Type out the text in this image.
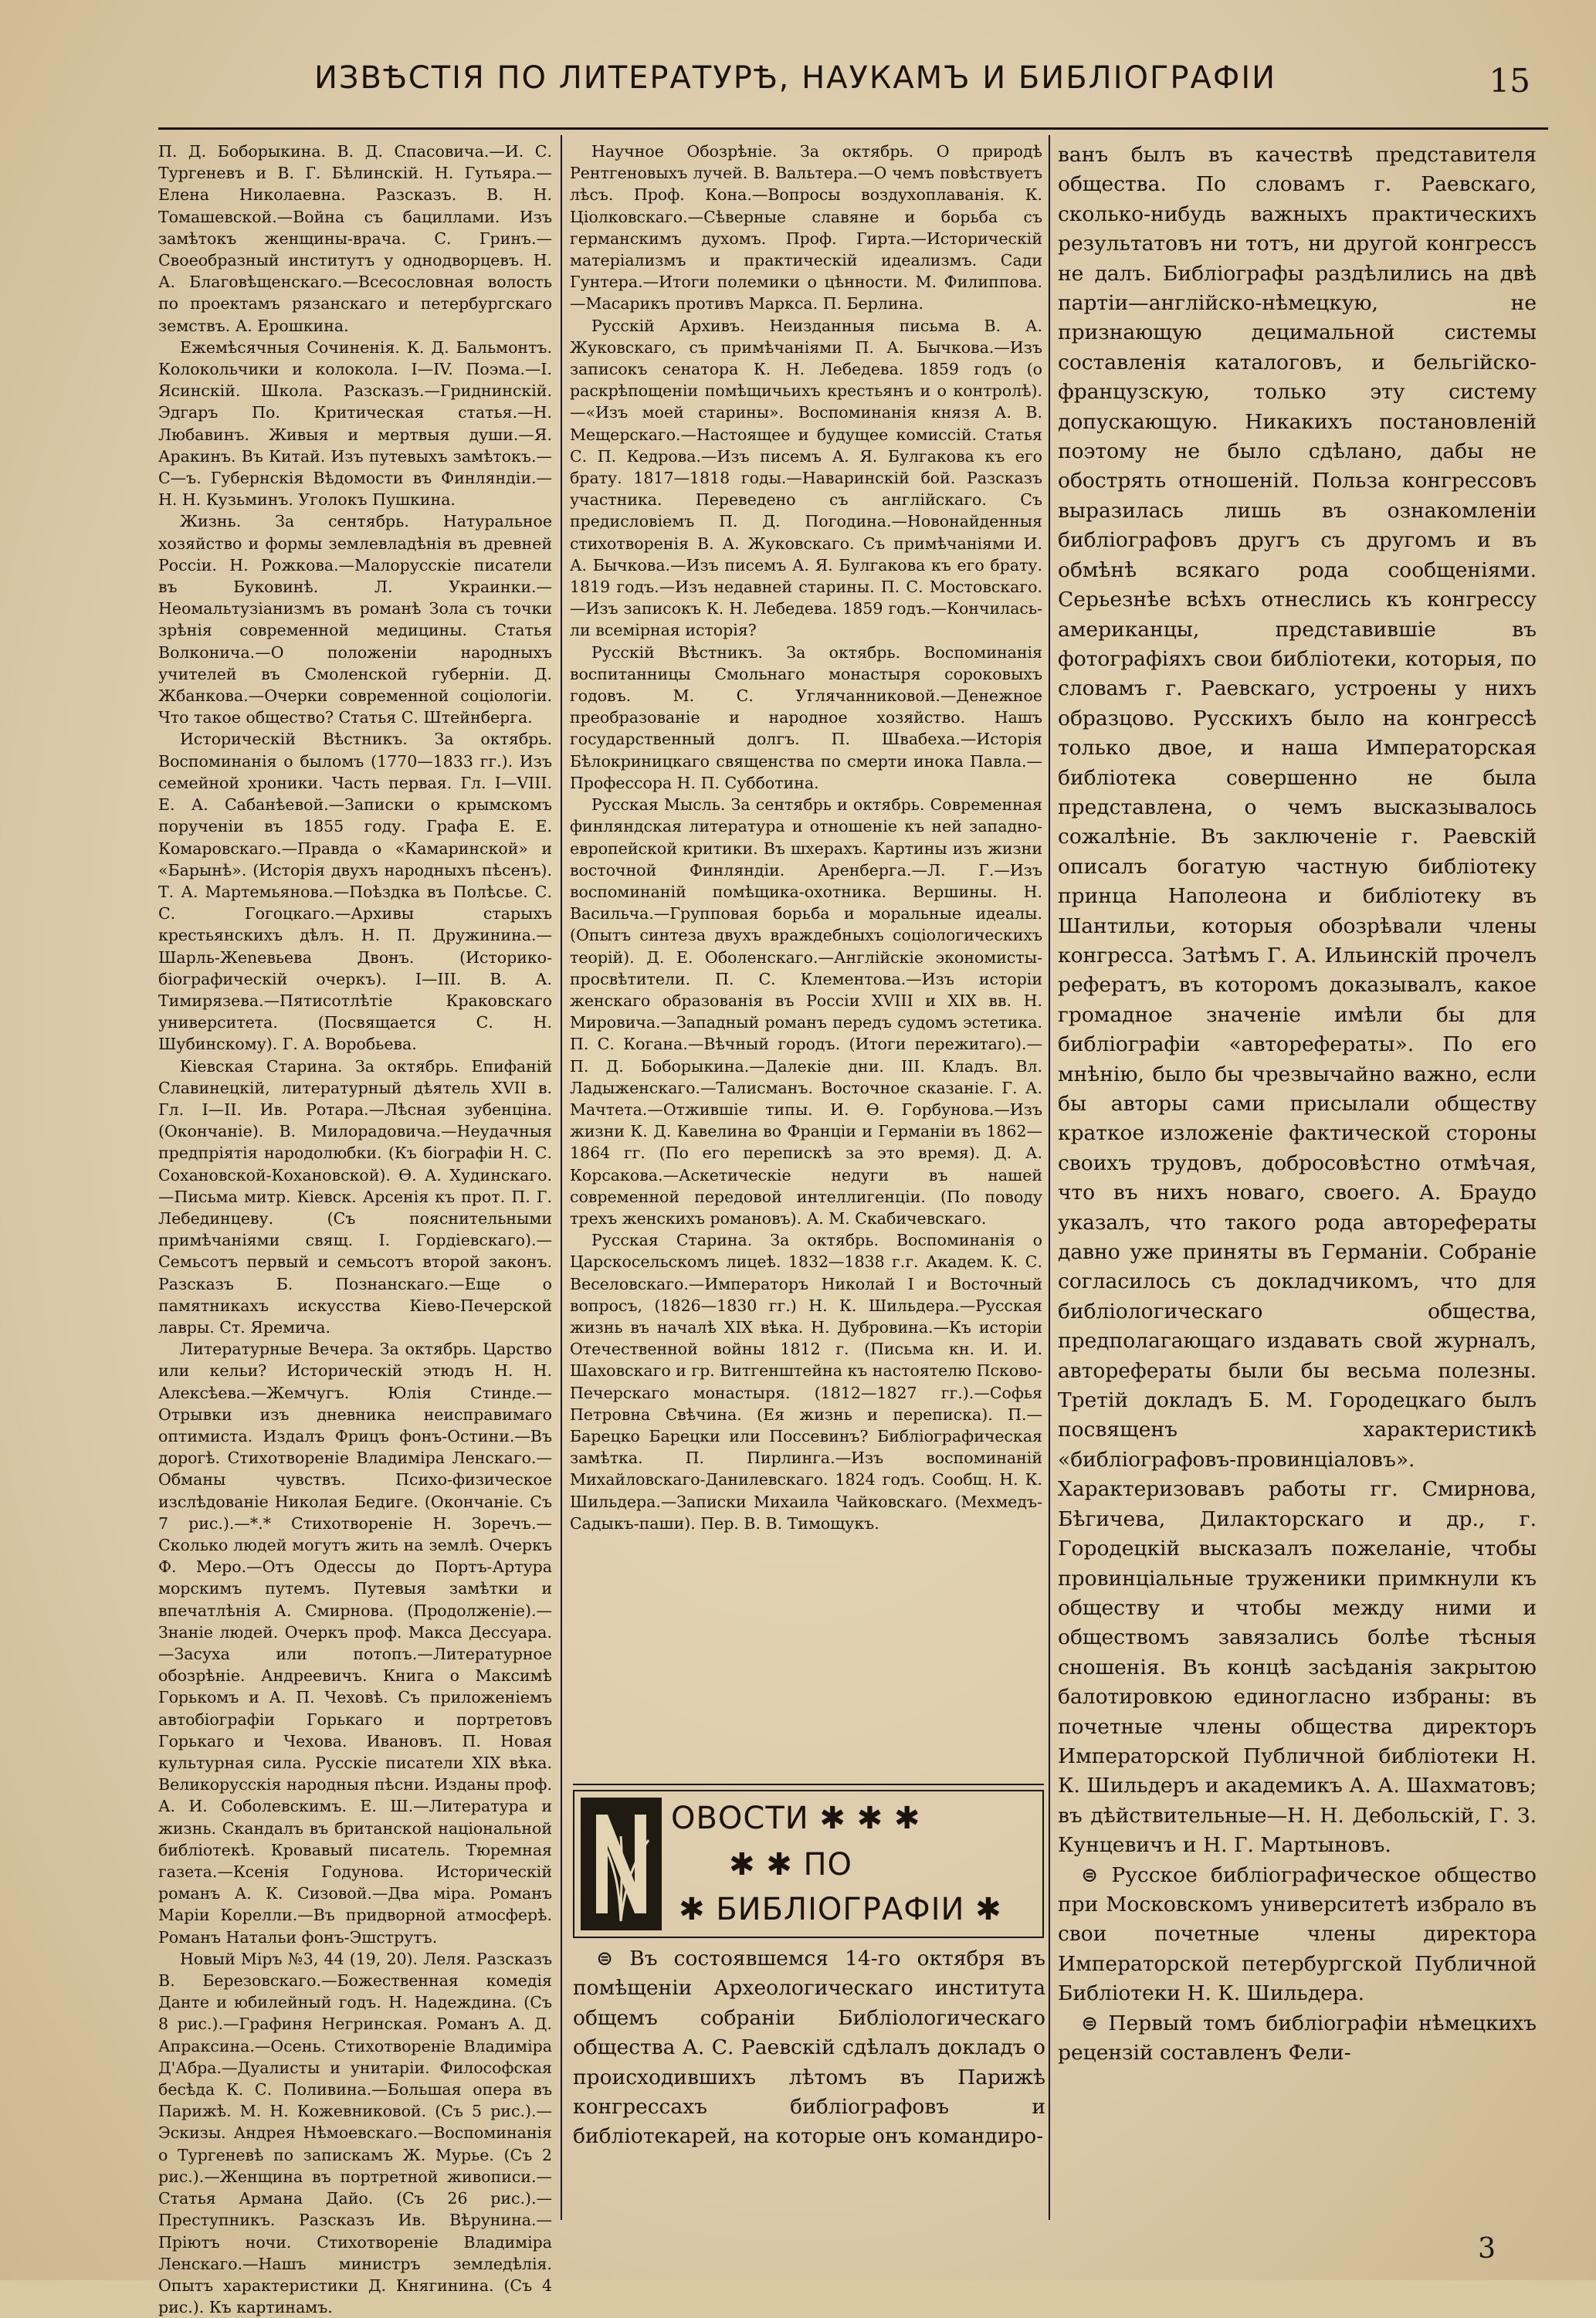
ИЗВѢСТІЯ ПО ЛИТЕРАТУРѢ, НАУКАМЪ И БИБЛІОГРАФІИ	15

П. Д. Боборыкина. В. Д. Спасовича.—И. С. Тургеневъ и В. Г. Бѣлинскій. Н. Гутьяра.—Елена Николаевна. Разсказъ. В. Н. Томашевской.—Война съ бациллами. Изъ замѣтокъ женщины-врача. С. Гринъ.—Своеобразный институтъ у однодворцевъ. Н. А. Благовѣщенскаго.—Всесословная волость по проектамъ рязанскаго и петербургскаго земствъ. А. Ерошкина.

Ежемѣсячныя Сочиненія. К. Д. Бальмонтъ. Колокольчики и колокола. I—IV. Поэма.—I. Ясинскій. Школа. Разсказъ.—Гриднинскій. Эдгаръ По. Критическая статья.—Н. Любавинъ. Живыя и мертвыя души.—Я. Аракинъ. Въ Китай. Изъ путевыхъ замѣтокъ.—С—ъ. Губернскія Вѣдомости въ Финляндіи.—Н. Н. Кузьминъ. Уголокъ Пушкина.

Жизнь. За сентябрь. Натуральное хозяйство и формы землевладѣнія въ древней Россіи. Н. Рожкова.—Малорусскіе писатели въ Буковинѣ. Л. Украинки.—Неомальтузіанизмъ въ романѣ Зола съ точки зрѣнія современной медицины. Статья Волконича.—О положеніи народныхъ учителей въ Смоленской губерніи. Д. Жбанкова.—Очерки современной соціологіи. Что такое общество? Статья С. Штейнберга.

Историческій Вѣстникъ. За октябрь. Воспоминанія о быломъ (1770—1833 гг.). Изъ семейной хроники. Часть первая. Гл. I—VIII. Е. А. Сабанѣевой.—Записки о крымскомъ порученіи въ 1855 году. Графа Е. Е. Комаровскаго.—Правда о «Камаринской» и «Барынѣ». (Исторія двухъ народныхъ пѣсенъ). Т. А. Мартемьянова.—Поѣздка въ Полѣсье. С. С. Гогоцкаго.—Архивы старыхъ крестьянскихъ дѣлъ. Н. П. Дружинина.—Шарль-Жеnевьева Двонъ. (Историко-біографическій очеркъ). I—III. В. А. Тимирязева.—Пятисотлѣтіе Краковскаго университета. (Посвящается С. Н. Шубинскому). Г. А. Воробьева.

Кіевская Старина. За октябрь. Епифаній Славинецкій, литературный дѣятель XVII в. Гл. I—II. Ив. Ротара.—Лѣсная зубенціна. (Окончаніе). В. Милорадовича.—Неудачныя предпріятія народолюбки. (Къ біографіи Н. С. Сохановской-Кохановской). Ѳ. А. Худинскаго.—Письма митр. Кіевск. Арсенія къ прот. П. Г. Лебединцеву. (Съ пояснительными примѣчаніями свящ. І. Гордіевскаго).—Семьсотъ первый и семьсотъ второй законъ. Разсказъ Б. Познанскаго.—Еще о памятникахъ искусства Кіево-Печерской лавры. Ст. Яремича.

Литературные Вечера. За октябрь. Царство или кельи? Историческій этюдъ Н. Н. Алексѣева.—Жемчугъ. Юлія Стинде.—Отрывки изъ дневника неисправимаго оптимиста. Издалъ Фрицъ фонъ-Остини.—Въ дорогѣ. Стихотвореніе Владиміра Ленскаго.—Обманы чувствъ. Психо-физическое изслѣдованіе Николая Бедиге. (Окончаніе. Съ 7 рис.).—*.* Стихотвореніе Н. Зоречъ.—Сколько людей могутъ жить на землѣ. Очеркъ Ф. Меро.—Отъ Одессы до Портъ-Артура морскимъ путемъ. Путевыя замѣтки и впечатлѣнія А. Смирнова. (Продолженіе).—Знаніе людей. Очеркъ проф. Макса Дессуара.—Засуха или потопъ.—Литературное обозрѣніе. Андреевичъ. Книга о Максимѣ Горькомъ и А. П. Чеховѣ. Съ приложеніемъ автобіографіи Горькаго и портретовъ Горькаго и Чехова. Ивановъ. П. Новая культурная сила. Русскіе писатели XIX вѣка. Великорусскія народныя пѣсни. Изданы проф. А. И. Соболевскимъ. Е. Ш.—Литература и жизнь. Скандалъ въ британской національной библіотекѣ. Кровавый писатель. Тюремная газета.—Ксенія Годунова. Историческій романъ А. К. Сизовой.—Два міра. Романъ Маріи Корелли.—Въ придворной атмосферѣ. Романъ Натальи фонъ-Эшструтъ.

Новый Міръ №3, 44 (19, 20). Леля. Разсказъ В. Березовскаго.—Божественная комедія Данте и юбилейный годъ. Н. Надеждина. (Съ 8 рис.).—Графиня Негринская. Романъ А. Д. Апраксина.—Осень. Стихотвореніе Владиміра Д'Абра.—Дуалисты и унитаріи. Философская бесѣда К. С. Поливина.—Большая опера въ Парижѣ. М. Н. Кожевниковой. (Съ 5 рис.).—Эскизы. Андрея Нѣмоевскаго.—Воспоминанія о Тургеневѣ по запискамъ Ж. Мурье. (Съ 2 рис.).—Женщина въ портретной живописи.—Статья Армана Дайо. (Съ 26 рис.).—Преступникъ. Разсказъ Ив. Вѣрунина.—Пріютъ ночи. Стихотвореніе Владиміра Ленскаго.—Нашъ министръ земледѣлія. Опытъ характеристики Д. Княгинина. (Съ 4 рис.). Къ картинамъ.

Научное Обозрѣніе. За октябрь. О природѣ Рентгеновыхъ лучей. В. Вальтера.—О чемъ повѣствуетъ лѣсъ. Проф. Кона.—Вопросы воздухоплаванія. К. Ціолковскаго.—Сѣверные славяне и борьба съ германскимъ духомъ. Проф. Гирта.—Историческій матеріализмъ и практическій идеализмъ. Сади Гунтера.—Итоги полемики о цѣнности. М. Филиппова.—Масарикъ противъ Маркса. П. Берлина.

Русскій Архивъ. Неизданныя письма В. А. Жуковскаго, съ примѣчаніями П. А. Бычкова.—Изъ записокъ сенатора К. Н. Лебедева. 1859 годъ (о раскрѣпощеніи помѣщичьихъ крестьянъ и о контролѣ).—«Изъ моей старины». Воспоминанія князя А. В. Мещерскаго.—Настоящее и будущее комиссій. Статья С. П. Кедрова.—Изъ писемъ А. Я. Булгакова къ его брату. 1817—1818 годы.—Наваринскій бой. Разсказъ участника. Переведено съ англійскаго. Съ предисловіемъ П. Д. Погодина.—Новонайденныя стихотворенія В. А. Жуковскаго. Съ примѣчаніями И. А. Бычкова.—Изъ писемъ А. Я. Булгакова къ его брату. 1819 годъ.—Изъ недавней старины. П. С. Мостовскаго.—Изъ записокъ К. Н. Лебедева. 1859 годъ.—Кончилась-ли всемірная исторія?

Русскій Вѣстникъ. За октябрь. Воспоминанія воспитанницы Смольнаго монастыря сороковыхъ годовъ. М. С. Углячанниковой.—Денежное преобразованіе и народное хозяйство. Нашъ государственный долгъ. П. Швабеха.—Исторія Бѣлокриницкаго священства по смерти инока Павла.—Профессора Н. П. Субботина.

Русская Мысль. За сентябрь и октябрь. Современная финляндская литература и отношеніе къ ней западно-европейской критики. Въ шхерахъ. Картины изъ жизни восточной Финляндіи. Аренберга.—Л. Г.—Изъ воспоминаній помѣщика-охотника. Вершины. Н. Васильча.—Групповая борьба и моральные идеалы. (Опытъ синтеза двухъ враждебныхъ соціологическихъ теорій). Д. Е. Оболенскаго.—Англійскіе экономисты-просвѣтители. П. С. Клементова.—Изъ исторіи женскаго образованія въ Россіи XVIII и XIX вв. Н. Мировича.—Западный романъ передъ судомъ эстетика. П. С. Когана.—Вѣчный городъ. (Итоги пережитаго).—П. Д. Боборыкина.—Далекіе дни. III. Кладъ. Вл. Ладыженскаго.—Талисманъ. Восточное сказаніе. Г. А. Мачтета.—Отжившіе типы. И. Ѳ. Горбунова.—Изъ жизни К. Д. Кавелина во Франціи и Германіи въ 1862—1864 гг. (По его перепискѣ за это время). Д. А. Корсакова.—Аскетическіе недуги въ нашей современной передовой интеллигенціи. (По поводу трехъ женскихъ романовъ). А. М. Скабичевскаго.

Русская Старина. За октябрь. Воспоминанія о Царскосельскомъ лицеѣ. 1832—1838 г.г. Академ. К. С. Веселовскаго.—Императоръ Николай I и Восточный вопросъ, (1826—1830 гг.) Н. К. Шильдера.—Русская жизнь въ началѣ XIX вѣка. Н. Дубровина.—Къ исторіи Отечественной войны 1812 г. (Письма кн. И. И. Шаховскаго и гр. Витгенштейна къ настоятелю Псково-Печерскаго монастыря. (1812—1827 гг.).—Софья Петровна Свѣчина. (Ея жизнь и переписка). П.—Барецко Барецки или Поссевинъ? Библіографическая замѣтка. П. Пирлинга.—Изъ воспоминаній Михайловскаго-Данилевскаго. 1824 годъ. Сообщ. Н. К. Шильдера.—Записки Михаила Чайковскаго. (Мехмедъ-Садыкъ-паши). Пер. В. В. Тимощукъ.

ОВОСТИ ✱ ✱ ✱
✱ ✱ ПО
✱ БИБЛІОГРАФІИ ✱

⊜ Въ состоявшемся 14-го октября въ помѣщеніи Археологическаго института общемъ собраніи Библіологическаго общества А. С. Раевскій сдѣлалъ докладъ о происходившихъ лѣтомъ въ Парижѣ конгрессахъ библіографовъ и библіотекарей, на которые онъ командиро-

ванъ былъ въ качествѣ представителя общества. По словамъ г. Раевскаго, сколько-нибудь важныхъ практическихъ результатовъ ни тотъ, ни другой конгрессъ не далъ. Библіографы раздѣлились на двѣ партіи—англійско-нѣмецкую, не признающую децимальной системы составленія каталоговъ, и бельгійско-французскую, только эту систему допускающую. Никакихъ постановленій поэтому не было сдѣлано, дабы не обострять отношеній. Польза конгрессовъ выразилась лишь въ ознакомленіи библіографовъ другъ съ другомъ и въ обмѣнѣ всякаго рода сообщеніями. Серьезнѣе всѣхъ отнеслись къ конгрессу американцы, представившіе въ фотографіяхъ свои библіотеки, которыя, по словамъ г. Раевскаго, устроены у нихъ образцово. Русскихъ было на конгрессѣ только двое, и наша Императорская библіотека совершенно не была представлена, о чемъ высказывалось сожалѣніе. Въ заключеніе г. Раевскій описалъ богатую частную библіотеку принца Наполеона и библіотеку въ Шантильи, которыя обозрѣвали члены конгресса. Затѣмъ Г. А. Ильинскій прочелъ рефератъ, въ которомъ доказывалъ, какое громадное значеніе имѣли бы для библіографіи «автоpефераты». По его мнѣнію, было бы чрезвычайно важно, если бы авторы сами присылали обществу краткое изложеніе фактической стороны своихъ трудовъ, добросовѣстно отмѣчая, что въ нихъ новаго, своего. А. Браудо указалъ, что такого рода автоpефераты давно уже приняты въ Германіи. Собраніе согласилось съ докладчикомъ, что для библіологическаго общества, предполагающаго издавать свой журналъ, автоpефераты были бы весьма полезны. Третій докладъ Б. М. Городецкаго былъ посвященъ характеристикѣ «библіографовъ-провинціаловъ». Характеризовавъ работы гг. Смирнова, Бѣгичева, Дилакторскаго и др., г. Городецкій высказалъ пожеланіе, чтобы провинціальные труженики примкнули къ обществу и чтобы между ними и обществомъ завязались болѣе тѣсныя сношенія. Въ концѣ засѣданія закрытою балотировкою единогласно избраны: въ почетные члены общества директоръ Императорской Публичной библіотеки Н. К. Шильдеръ и академикъ А. А. Шахматовъ; въ дѣйствительные—Н. Н. Дебольскій, Г. З. Кунцевичъ и Н. Г. Мартыновъ.

⊜ Русское библіографическое общество при Московскомъ университетѣ избрало въ свои почетные члены директора Императорской петербургской Публичной Библіотеки Н. К. Шильдера.

⊜ Первый томъ библіографіи нѣмецкихъ рецензій составленъ Фели-

3
